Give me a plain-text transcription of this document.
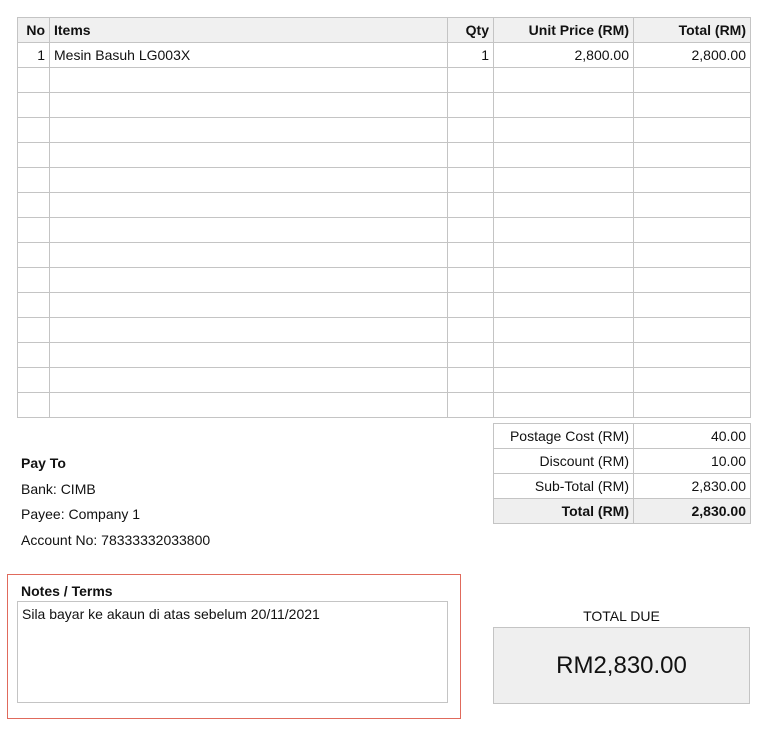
No	Items	Qty	Unit Price (RM)	Total (RM)
1	Mesin Basuh LG003X	1	2,800.00	2,800.00

Postage Cost (RM)	40.00
Discount (RM)	10.00
Sub-Total (RM)	2,830.00
Total (RM)	2,830.00
Pay To
Bank: CIMB
Payee: Company 1
Account No: 78333332033800
Notes / Terms
Sila bayar ke akaun di atas sebelum 20/11/2021	TOTAL DUE
RM2,830.00
